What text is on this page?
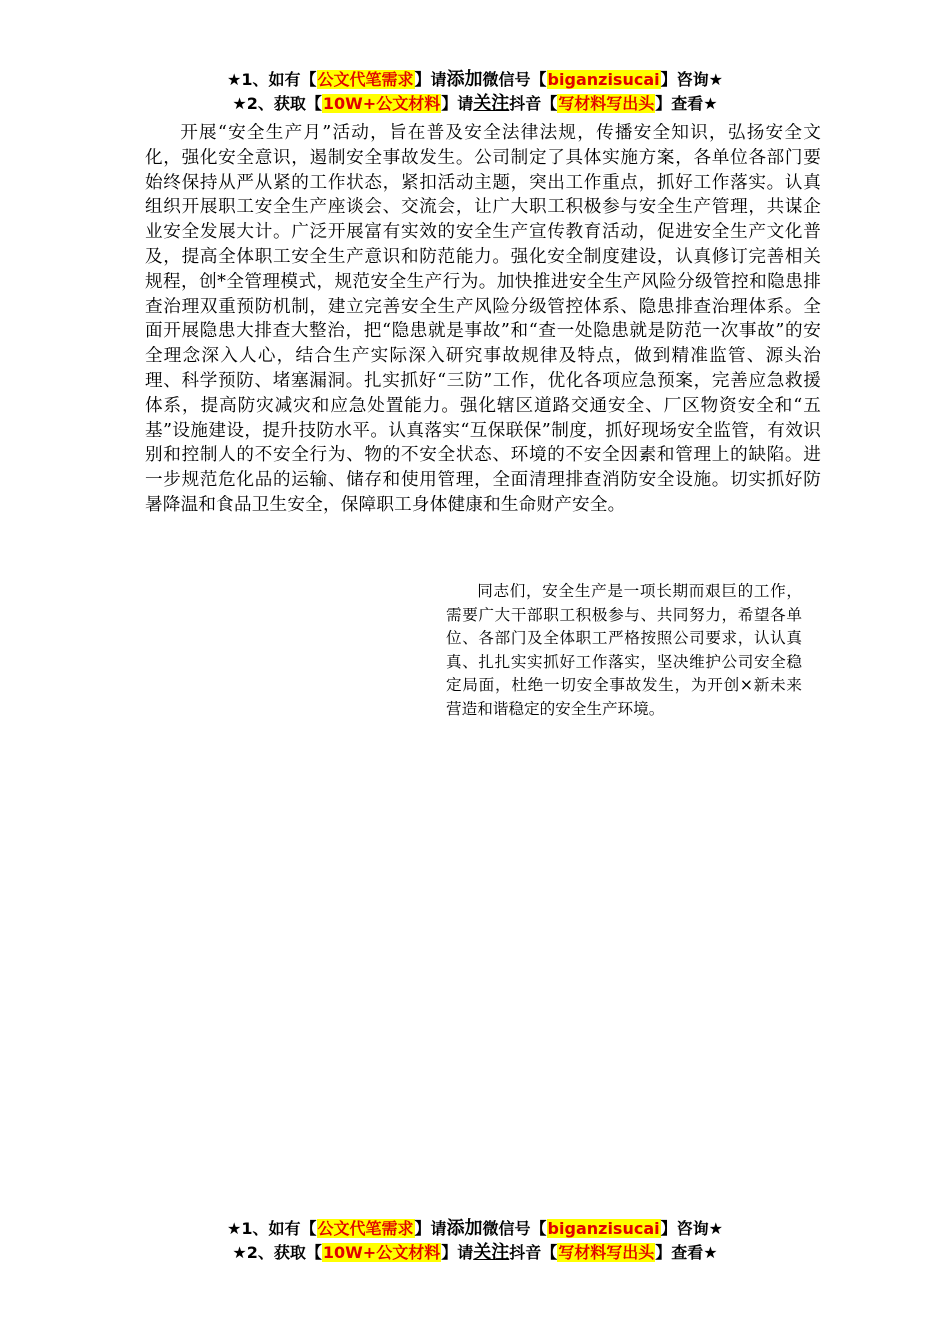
★1、如有【公文代笔需求】请添加微信号【biganzisucai】咨询★
★2、获取【10W+公文材料】请关注抖音【写材料写出头】查看★
开展“安全生产月”活动，旨在普及安全法律法规，传播安全知识，弘扬安全文化，强化安全意识，遏制安全事故发生。公司制定了具体实施方案，各单位各部门要始终保持从严从紧的工作状态，紧扣活动主题，突出工作重点，抓好工作落实。认真组织开展职工安全生产座谈会、交流会，让广大职工积极参与安全生产管理，共谋企业安全发展大计。广泛开展富有实效的安全生产宣传教育活动，促进安全生产文化普及，提高全体职工安全生产意识和防范能力。强化安全制度建设，认真修订完善相关规程，创*全管理模式，规范安全生产行为。加快推进安全生产风险分级管控和隐患排查治理双重预防机制，建立完善安全生产风险分级管控体系、隐患排查治理体系。全面开展隐患大排查大整治，把“隐患就是事故”和“查一处隐患就是防范一次事故”的安全理念深入人心，结合生产实际深入研究事故规律及特点，做到精准监管、源头治理、科学预防、堵塞漏洞。扎实抓好“三防”工作，优化各项应急预案，完善应急救援体系，提高防灾减灾和应急处置能力。强化辖区道路交通安全、厂区物资安全和“五基”设施建设，提升技防水平。认真落实“互保联保”制度，抓好现场安全监管，有效识别和控制人的不安全行为、物的不安全状态、环境的不安全因素和管理上的缺陷。进一步规范危化品的运输、储存和使用管理，全面清理排查消防安全设施。切实抓好防暑降温和食品卫生安全，保障职工身体健康和生命财产安全。
同志们，安全生产是一项长期而艰巨的工作，需要广大干部职工积极参与、共同努力，希望各单位、各部门及全体职工严格按照公司要求，认认真真、扎扎实实抓好工作落实，坚决维护公司安全稳定局面，杜绝一切安全事故发生，为开创×新未来营造和谐稳定的安全生产环境。
★1、如有【公文代笔需求】请添加微信号【biganzisucai】咨询★
★2、获取【10W+公文材料】请关注抖音【写材料写出头】查看★
